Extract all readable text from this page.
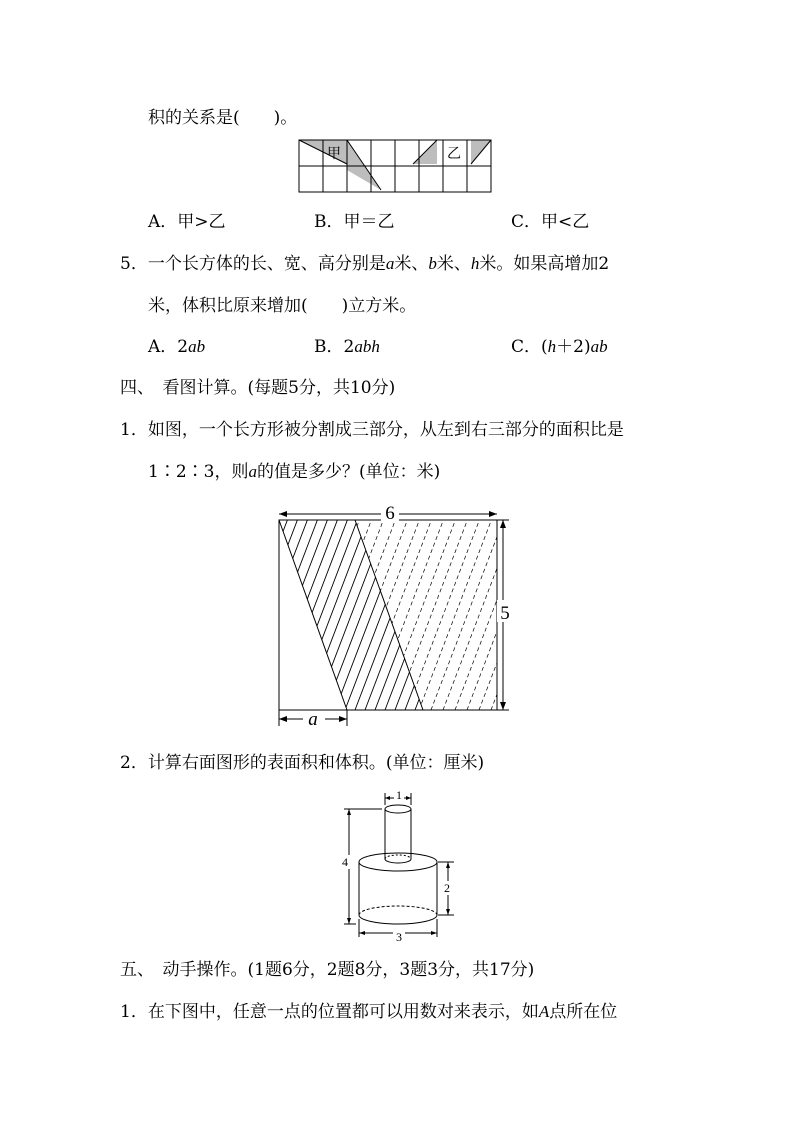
积的关系是(　　)。
甲	乙
A．甲>乙	B．甲＝乙	C．甲<乙
5．一个长方体的长、宽、高分别是a米、b米、h米。如果高增加2
米，体积比原来增加(　　)立方米。
A．2ab	B．2abh	C．(h＋2)ab
四、　看图计算。(每题5分，共10分)
1．如图，一个长方形被分割成三部分，从左到右三部分的面积比是
1∶2∶3，则a的值是多少？(单位：米)
6
5
a
2．计算右面图形的表面积和体积。(单位：厘米)
1
4
2
3
五、　动手操作。(1题6分，2题8分，3题3分，共17分)
1．在下图中，任意一点的位置都可以用数对来表示，如A点所在位
